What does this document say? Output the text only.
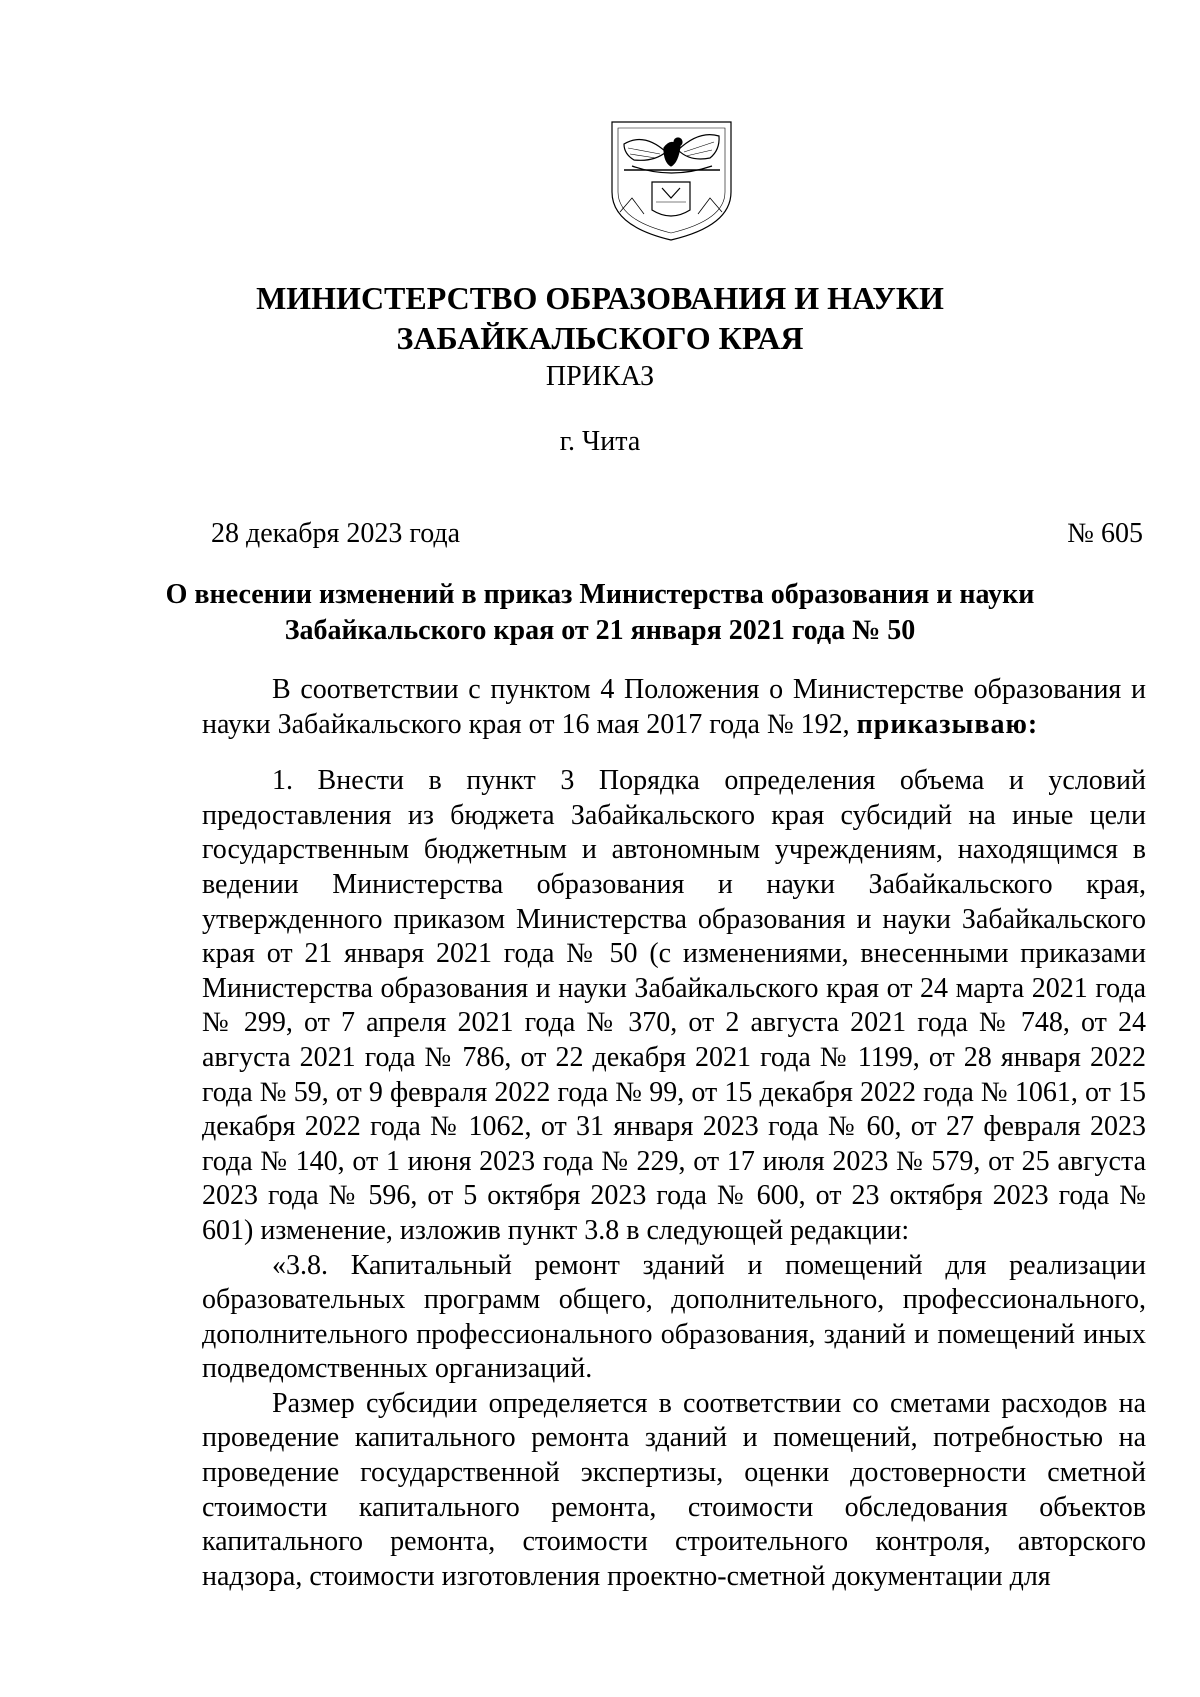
МИНИСТЕРСТВО ОБРАЗОВАНИЯ И НАУКИ
ЗАБАЙКАЛЬСКОГО КРАЯ
ПРИКАЗ
г. Чита
28 декабря 2023 года	№ 605
О внесении изменений в приказ Министерства образования и науки
Забайкальского края от 21 января 2021 года № 50

В соответствии с пунктом 4 Положения о Министерстве образования и науки Забайкальского края от 16 мая 2017 года № 192, приказываю:

1. Внести в пункт 3 Порядка определения объема и условий предоставления из бюджета Забайкальского края субсидий на иные цели государственным бюджетным и автономным учреждениям, находящимся в ведении Министерства образования и науки Забайкальского края, утвержденного приказом Министерства образования и науки Забайкальского края от 21 января 2021 года № 50 (с изменениями, внесенными приказами Министерства образования и науки Забайкальского края от 24 марта 2021 года № 299, от 7 апреля 2021 года № 370, от 2 августа 2021 года № 748, от 24 августа 2021 года № 786, от 22 декабря 2021 года № 1199, от 28 января 2022 года № 59, от 9 февраля 2022 года № 99, от 15 декабря 2022 года № 1061, от 15 декабря 2022 года № 1062, от 31 января 2023 года № 60, от 27 февраля 2023 года № 140, от 1 июня 2023 года № 229, от 17 июля 2023 № 579, от 25 августа 2023 года № 596, от 5 октября 2023 года № 600, от 23 октября 2023 года № 601) изменение, изложив пункт 3.8 в следующей редакции:

«3.8. Капитальный ремонт зданий и помещений для реализации образовательных программ общего, дополнительного, профессионального, дополнительного профессионального образования, зданий и помещений иных подведомственных организаций.

Размер субсидии определяется в соответствии со сметами расходов на проведение капитального ремонта зданий и помещений, потребностью на проведение государственной экспертизы, оценки достоверности сметной стоимости капитального ремонта, стоимости обследования объектов капитального ремонта, стоимости строительного контроля, авторского надзора, стоимости изготовления проектно-сметной документации для
